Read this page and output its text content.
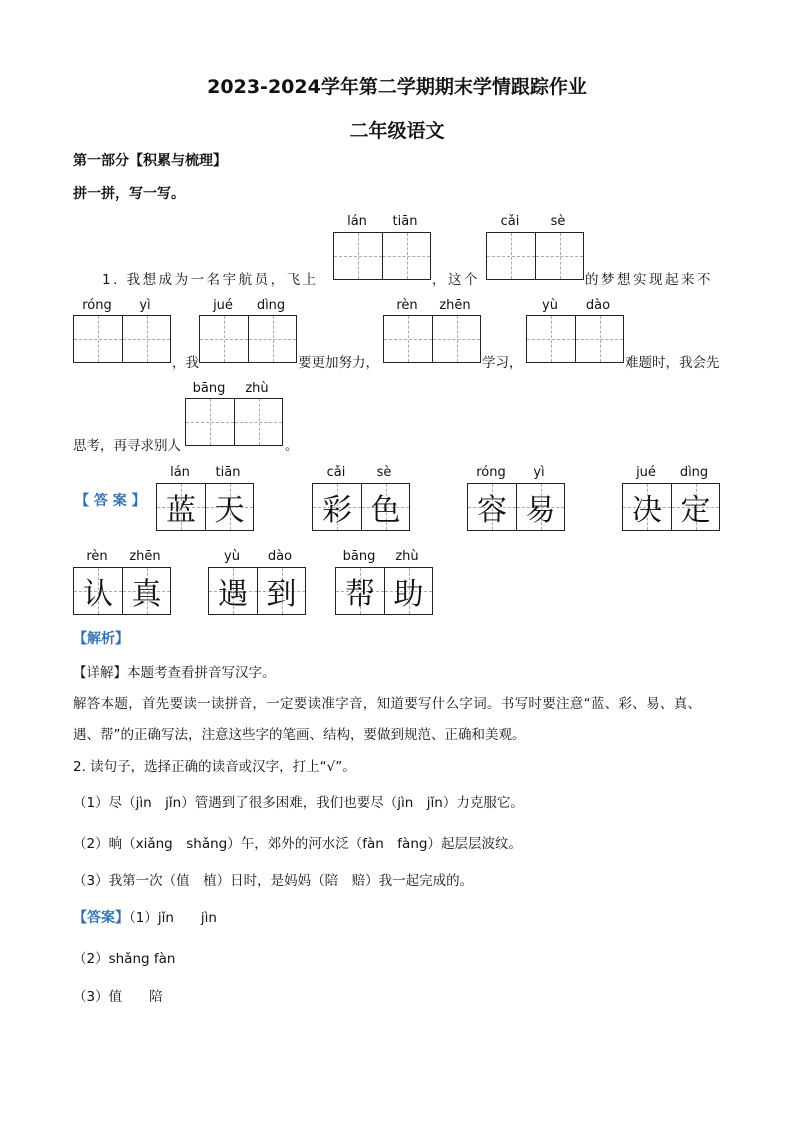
2023-2024学年第二学期期末学情跟踪作业
二年级语文
第一部分【积累与梳理】
拼一拼，写一写。
lán	tiān	cǎi	sè
1. 我想成为一名宇航员，飞上	，这个	的梦想实现起来不
róng	yì	jué	dìng	rèn	zhēn	yù	dào
，我	要更加努力，	学习，	难题时，我会先
bāng	zhù
思考，再寻求别人	。
【 答 案 】
lán	tiān
蓝 天
cǎi	sè
彩 色
róng	yì
容 易
jué	dìng
决 定
rèn	zhēn
认 真
yù	dào
遇 到
bāng	zhù
帮 助
【解析】
【详解】本题考查看拼音写汉字。
解答本题，首先要读一读拼音，一定要读准字音，知道要写什么字词。书写时要注意“蓝、彩、易、真、
遇、帮”的正确写法，注意这些字的笔画、结构，要做到规范、正确和美观。
2. 读句子，选择正确的读音或汉字，打上“√”。
（1）尽（jìn　jǐn）管遇到了很多困难，我们也要尽（jìn　jǐn）力克服它。
（2）晌（xiǎng　shǎng）午，郊外的河水泛（fàn　fàng）起层层波纹。
（3）我第一次（值　植）日时，是妈妈（陪　赔）我一起完成的。
【答案】（1）jǐn　　jìn
（2）shǎng fàn
（3）值　　陪
